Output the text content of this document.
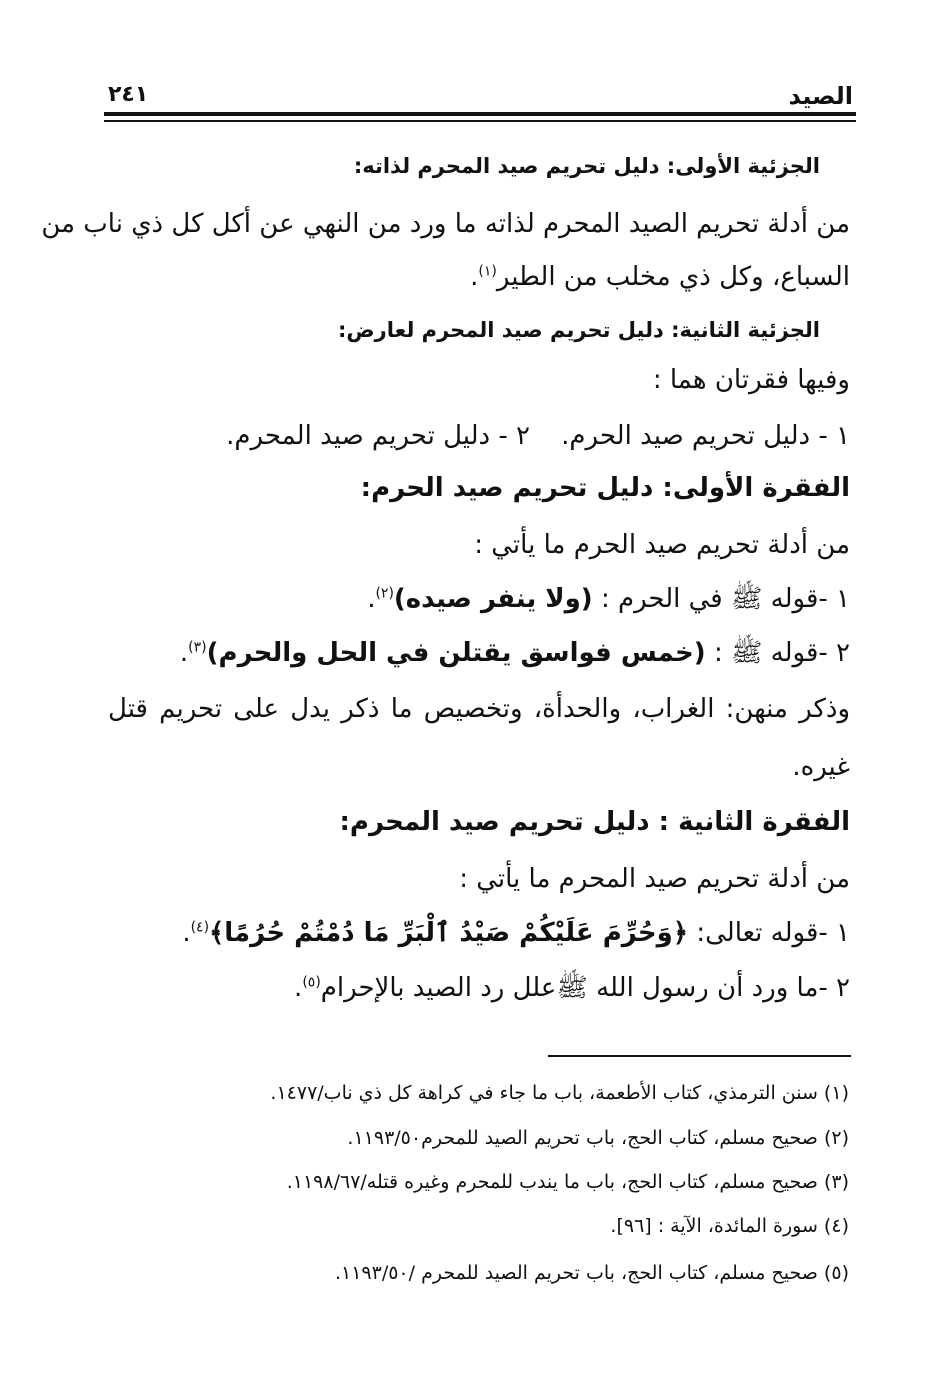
الصيد
٢٤١
الجزئية الأولى: دليل تحريم صيد المحرم لذاته:
من أدلة تحريم الصيد المحرم لذاته ما ورد من النهي عن أكل كل ذي ناب من
السباع، وكل ذي مخلب من الطير$^{(١)}$.
الجزئية الثانية: دليل تحريم صيد المحرم لعارض:
وفيها فقرتان هما :
١ - دليل تحريم صيد الحرم.
٢ - دليل تحريم صيد المحرم.
الفقرة الأولى: دليل تحريم صيد الحرم:
من أدلة تحريم صيد الحرم ما يأتي :
١ -قوله ﷺ في الحرم : (ولا ينفر صيده)$^{(٢)}$.
٢ -قوله ﷺ : (خمس فواسق يقتلن في الحل والحرم)$^{(٣)}$.
وذكر منهن: الغراب، والحدأة، وتخصيص ما ذكر يدل على تحريم قتل
غيره.
الفقرة الثانية : دليل تحريم صيد المحرم:
من أدلة تحريم صيد المحرم ما يأتي :
١ -قوله تعالى: ﴿وَحُرِّمَ عَلَيْكُمْ صَيْدُ ٱلْبَرِّ مَا دُمْتُمْ حُرُمًا﴾$^{(٤)}$.
٢ -ما ورد أن رسول الله ﷺعلل رد الصيد بالإحرام$^{(٥)}$.
(١) سنن الترمذي، كتاب الأطعمة، باب ما جاء في كراهة كل ذي ناب/١٤٧٧.
(٢) صحيح مسلم، كتاب الحج، باب تحريم الصيد للمحرم١١٩٣/٥٠.
(٣) صحيح مسلم، كتاب الحج، باب ما يندب للمحرم وغيره قتله/١١٩٨/٦٧.
(٤) سورة المائدة، الآية : [٩٦].
(٥) صحيح مسلم، كتاب الحج، باب تحريم الصيد للمحرم /١١٩٣/٥٠.
